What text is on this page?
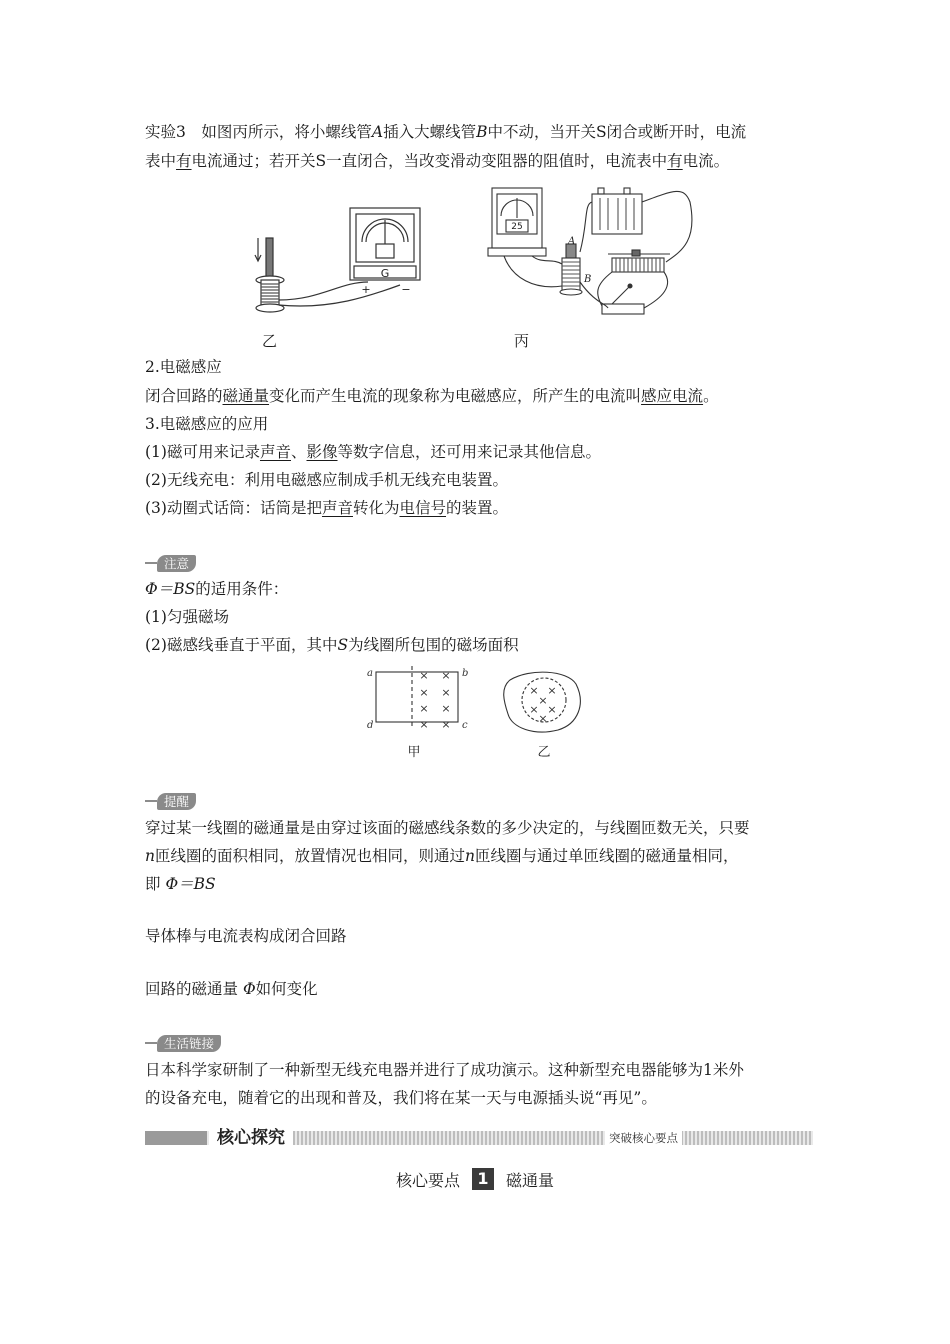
实验3　如图丙所示，将小螺线管A插入大螺线管B中不动，当开关S闭合或断开时，电流

表中有电流通过；若开关S一直闭合，当改变滑动变阻器的阻值时，电流表中有电流。

G
+	−
25
A
B
乙	丙

2.电磁感应

闭合回路的磁通量变化而产生电流的现象称为电磁感应，所产生的电流叫感应电流。

3.电磁感应的应用

(1)磁可用来记录声音、影像等数字信息，还可用来记录其他信息。

(2)无线充电：利用电磁感应制成手机无线充电装置。

(3)动圈式话筒：话筒是把声音转化为电信号的装置。

注意

Φ＝BS的适用条件：

(1)匀强磁场

(2)磁感线垂直于平面，其中S为线圈所包围的磁场面积

× ×
× ×
× ×
× ×
× ×
×
× ×
×
a	b
c
d
甲	乙
提醒

穿过某一线圈的磁通量是由穿过该面的磁感线条数的多少决定的，与线圈匝数无关，只要

n匝线圈的面积相同，放置情况也相同，则通过n匝线圈与通过单匝线圈的磁通量相同，

即 Φ＝BS

导体棒与电流表构成闭合回路

回路的磁通量 Φ如何变化

生活链接

日本科学家研制了一种新型无线充电器并进行了成功演示。这种新型充电器能够为1米外

的设备充电，随着它的出现和普及，我们将在某一天与电源插头说“再见”。

核心探究	突破核心要点
核心要点 1 磁通量
